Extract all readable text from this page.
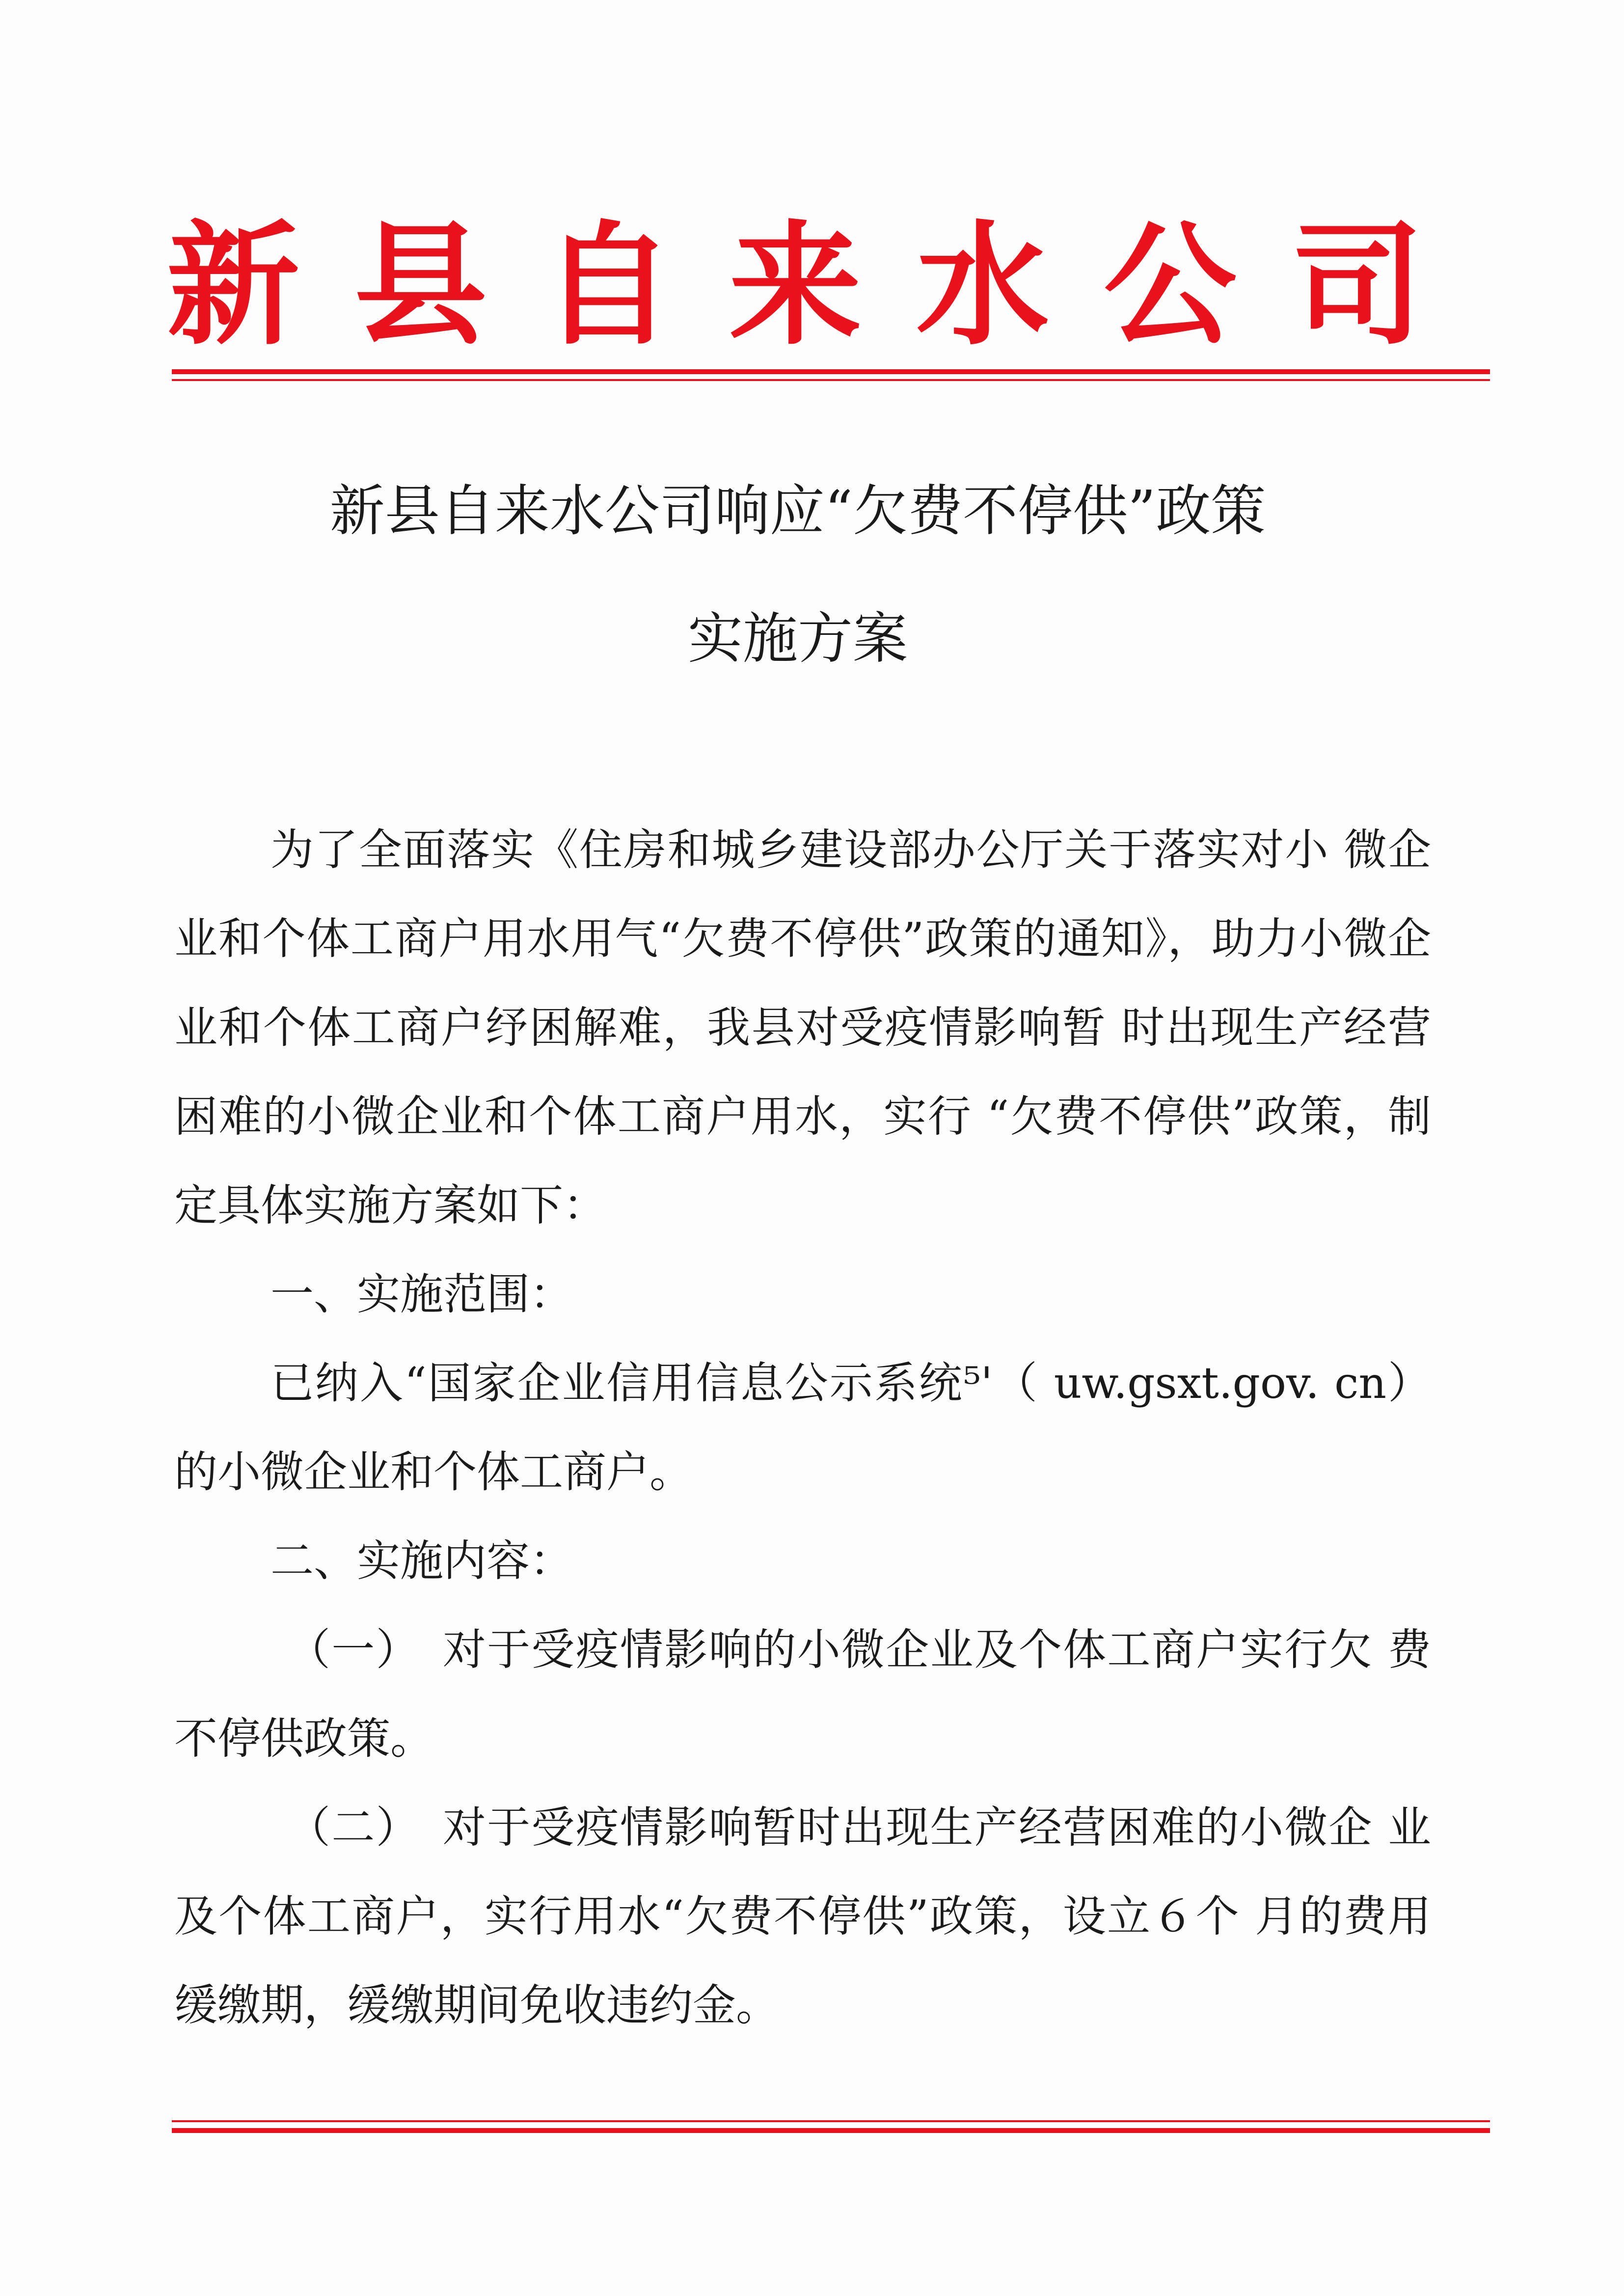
新 县 自 来 水 公 司
新县自来水公司响应“欠费不停供”政策
实施方案

为了全面落实《住房和城乡建设部办公厅关于落实对小 微企业和个体工商户用水用气“欠费不停供”政策的通知》，助力小微企业和个体工商户纾困解难，我县对受疫情影响暂 时出现生产经营困难的小微企业和个体工商户用水，实行 “欠费不停供”政策，制定具体实施方案如下：

一、实施范围：

已纳入“国家企业信用信息公示系统⁵'（ uw.gsxt.gov. cn） 的小微企业和个体工商户。

二、实施内容：

（一）　对于受疫情影响的小微企业及个体工商户实行欠 费不停供政策。

（二）　对于受疫情影响暂时出现生产经营困难的小微企 业及个体工商户，实行用水“欠费不停供”政策，设立６个 月的费用缓缴期，缓缴期间免收违约金。
